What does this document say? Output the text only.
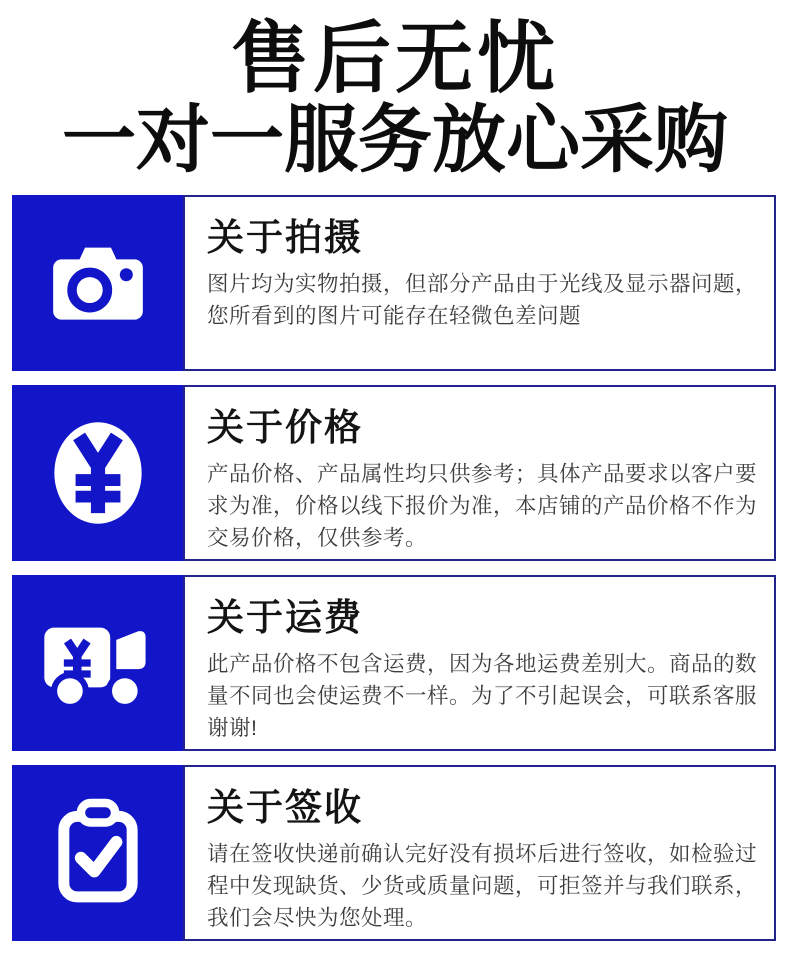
售后无忧
一对一服务放心采购
关于拍摄
图片均为实物拍摄，但部分产品由于光线及显示器问题，您所看到的图片可能存在轻微色差问题
关于价格
产品价格、产品属性均只供参考；具体产品要求以客户要求为准，价格以线下报价为准，本店铺的产品价格不作为交易价格，仅供参考。
关于运费
此产品价格不包含运费，因为各地运费差别大。商品的数量不同也会使运费不一样。为了不引起误会，可联系客服谢谢!
关于签收
请在签收快递前确认完好没有损坏后进行签收，如检验过程中发现缺货、少货或质量问题，可拒签并与我们联系，我们会尽快为您处理。
